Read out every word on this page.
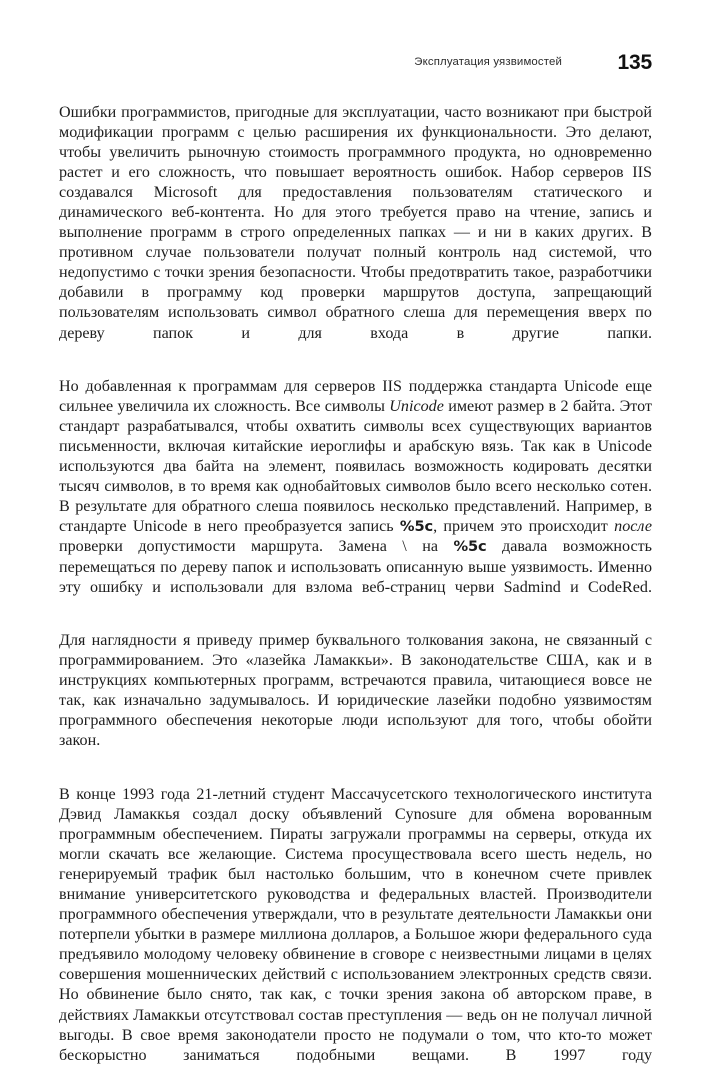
Эксплуатация уязвимостей	135

Ошибки программистов, пригодные для эксплуатации, часто возникают при быстрой модификации программ с целью расширения их функциональности. Это делают, чтобы увеличить рыночную стоимость программного продукта, но одновременно растет и его сложность, что повышает вероятность ошибок. Набор серверов IIS создавался Microsoft для предоставления пользователям статического и динамического веб-контента. Но для этого требуется право на чтение, запись и выполнение программ в строго определенных папках — и ни в каких других. В противном случае пользователи получат полный контроль над системой, что недопустимо с точки зрения безопасности. Чтобы предотвратить такое, разработчики добавили в программу код проверки маршрутов доступа, запрещающий пользователям использовать символ обратного слеша для перемещения вверх по дереву папок и для входа в другие папки.

Но добавленная к программам для серверов IIS поддержка стандарта Unicode еще сильнее увеличила их сложность. Все символы Unicode имеют размер в 2 байта. Этот стандарт разрабатывался, чтобы охватить символы всех существующих вариантов письменности, включая китайские иероглифы и арабскую вязь. Так как в Unicode используются два байта на элемент, появилась возможность кодировать десятки тысяч символов, в то время как однобайтовых символов было всего несколько сотен. В результате для обратного слеша появилось несколько представлений. Например, в стандарте Unicode в него преобразуется запись %5c, причем это происходит после проверки допустимости маршрута. Замена \ на %5c давала возможность перемещаться по дереву папок и использовать описанную выше уязвимость. Именно эту ошибку и использовали для взлома веб-страниц черви Sadmind и CodeRed.

Для наглядности я приведу пример буквального толкования закона, не связанный с программированием. Это «лазейка Ламаккьи». В законодательстве США, как и в инструкциях компьютерных программ, встречаются правила, читающиеся вовсе не так, как изначально задумывалось. И юридические лазейки подобно уязвимостям программного обеспечения некоторые люди используют для того, чтобы обойти закон.

В конце 1993 года 21-летний студент Массачусетского технологического института Дэвид Ламаккья создал доску объявлений Cynosure для обмена ворованным программным обеспечением. Пираты загружали программы на серверы, откуда их могли скачать все желающие. Система просуществовала всего шесть недель, но генерируемый трафик был настолько большим, что в конечном счете привлек внимание университетского руководства и федеральных властей. Производители программного обеспечения утверждали, что в результате деятельности Ламаккьи они потерпели убытки в размере миллиона долларов, а Большое жюри федерального суда предъявило молодому человеку обвинение в сговоре с неизвестными лицами в целях совершения мошеннических действий с использованием электронных средств связи. Но обвинение было снято, так как, с точки зрения закона об авторском праве, в действиях Ламаккьи отсутствовал состав преступления — ведь он не получал личной выгоды. В свое время законодатели просто не подумали о том, что кто-то может бескорыстно заниматься подобными вещами. В 1997 году
